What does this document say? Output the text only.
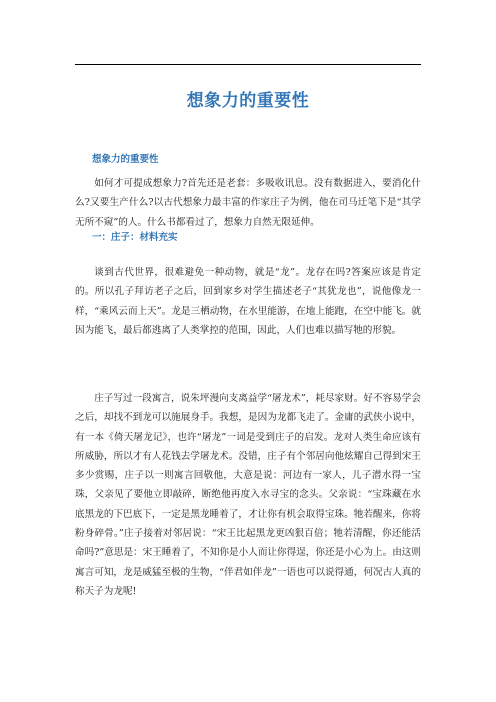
想象力的重要性
想象力的重要性

如何才可提成想象力?首先还是老套：多吸收讯息。没有数据进入，要消化什么?又要生产什么?以古代想象力最丰富的作家庄子为例，他在司马迁笔下是“其学无所不窥”的人。什么书都看过了，想象力自然无限延伸。

一：庄子：材料充实

谈到古代世界，很难避免一种动物，就是“龙”。龙存在吗?答案应该是肯定的。所以孔子拜访老子之后，回到家乡对学生描述老子“其犹龙也”，说他像龙一样，“乘风云而上天”。龙是三栖动物，在水里能游，在地上能跑，在空中能飞。就因为能飞，最后都逃离了人类掌控的范围，因此，人们也难以描写牠的形貌。

庄子写过一段寓言，说朱坪漫向支离益学“屠龙术”，耗尽家财。好不容易学会之后，却找不到龙可以施展身手。我想，是因为龙都飞走了。金庸的武侠小说中，有一本《倚天屠龙记》，也许“屠龙”一词是受到庄子的启发。龙对人类生命应该有所威胁，所以才有人花钱去学屠龙术。没错，庄子有个邻居向他炫耀自己得到宋王多少赏赐，庄子以一则寓言回敬他，大意是说：河边有一家人，儿子潜水得一宝珠，父亲见了要他立即敲碎，断绝他再度入水寻宝的念头。父亲说：“宝珠藏在水底黑龙的下巴底下，一定是黑龙睡着了，才让你有机会取得宝珠。牠若醒来，你将粉身碎骨。”庄子接着对邻居说：“宋王比起黑龙更凶狠百倍；牠若清醒，你还能活命吗?”意思是：宋王睡着了，不知你是小人而让你得逞，你还是小心为上。由这则寓言可知，龙是威猛至极的生物，“伴君如伴龙”一语也可以说得通，何况古人真的称天子为龙呢!
